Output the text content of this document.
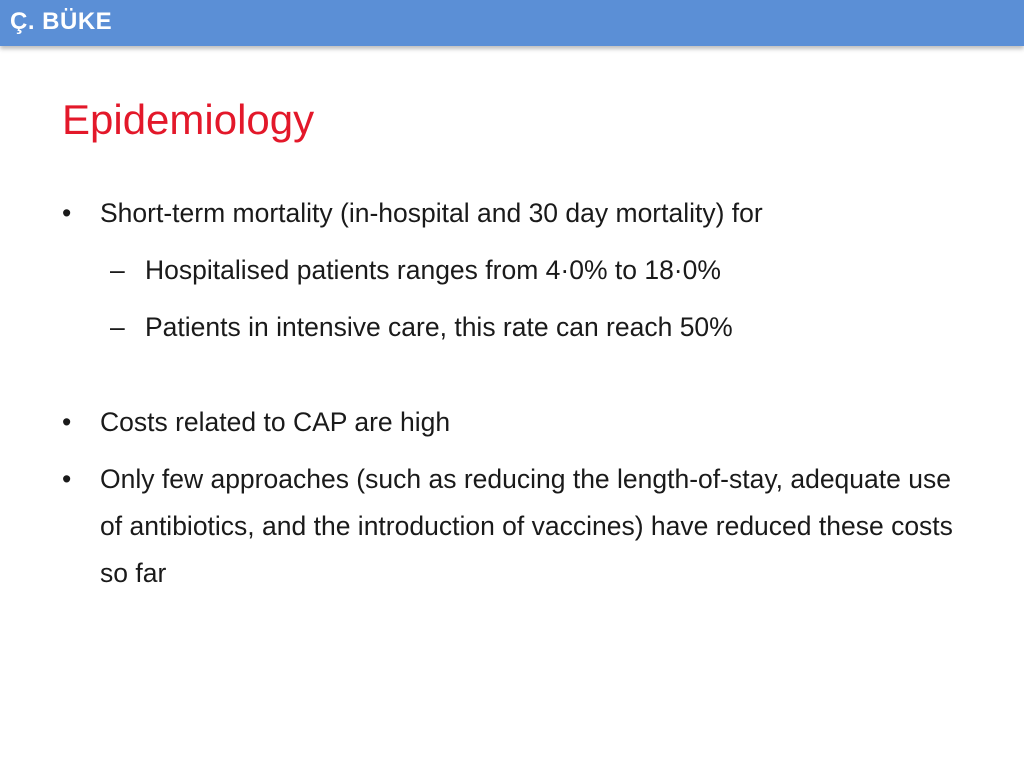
Ç. BÜKE
Epidemiology
•	Short-term mortality (in-hospital and 30 day mortality) for
– Hospitalised patients ranges from 4·0% to 18·0%
– Patients in intensive care, this rate can reach 50%
•	Costs related to CAP are high
•	Only few approaches (such as reducing the length-of-stay, adequate use of antibiotics, and the introduction of vaccines) have reduced these costs so far
